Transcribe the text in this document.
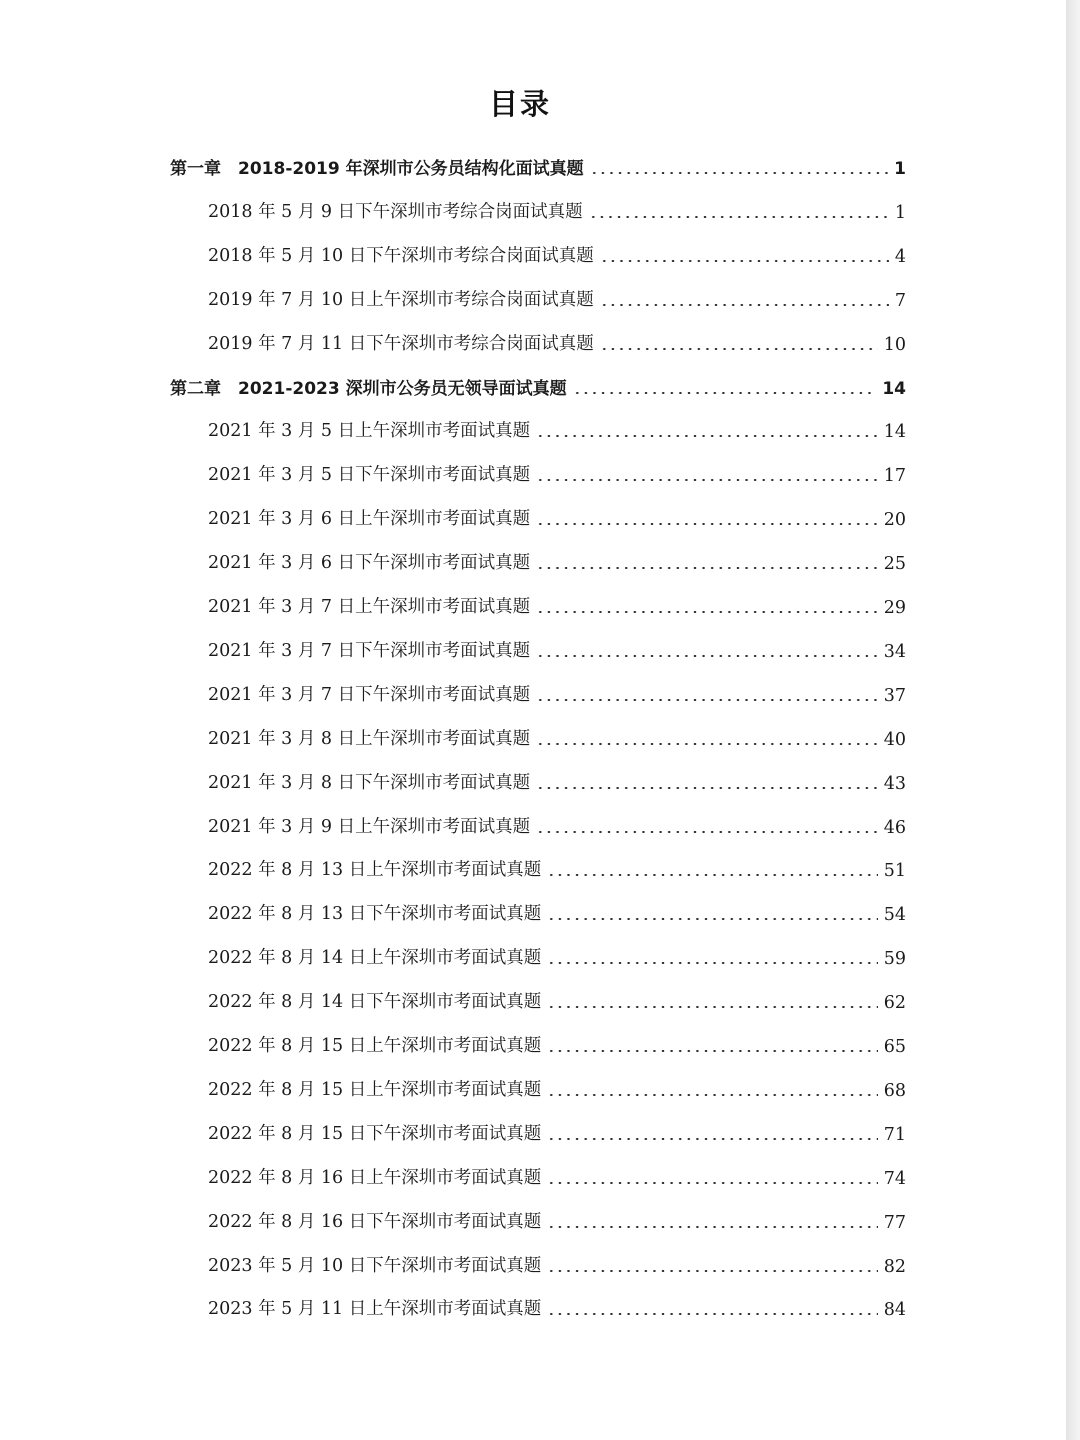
目录
第一章　2018-2019 年深圳市公务员结构化面试真题	1
2018 年 5 月 9 日下午深圳市考综合岗面试真题	1
2018 年 5 月 10 日下午深圳市考综合岗面试真题	4
2019 年 7 月 10 日上午深圳市考综合岗面试真题	7
2019 年 7 月 11 日下午深圳市考综合岗面试真题	10
第二章　2021-2023 深圳市公务员无领导面试真题	14
2021 年 3 月 5 日上午深圳市考面试真题	14
2021 年 3 月 5 日下午深圳市考面试真题	17
2021 年 3 月 6 日上午深圳市考面试真题	20
2021 年 3 月 6 日下午深圳市考面试真题	25
2021 年 3 月 7 日上午深圳市考面试真题	29
2021 年 3 月 7 日下午深圳市考面试真题	34
2021 年 3 月 7 日下午深圳市考面试真题	37
2021 年 3 月 8 日上午深圳市考面试真题	40
2021 年 3 月 8 日下午深圳市考面试真题	43
2021 年 3 月 9 日上午深圳市考面试真题	46
2022 年 8 月 13 日上午深圳市考面试真题	51
2022 年 8 月 13 日下午深圳市考面试真题	54
2022 年 8 月 14 日上午深圳市考面试真题	59
2022 年 8 月 14 日下午深圳市考面试真题	62
2022 年 8 月 15 日上午深圳市考面试真题	65
2022 年 8 月 15 日上午深圳市考面试真题	68
2022 年 8 月 15 日下午深圳市考面试真题	71
2022 年 8 月 16 日上午深圳市考面试真题	74
2022 年 8 月 16 日下午深圳市考面试真题	77
2023 年 5 月 10 日下午深圳市考面试真题	82
2023 年 5 月 11 日上午深圳市考面试真题	84
